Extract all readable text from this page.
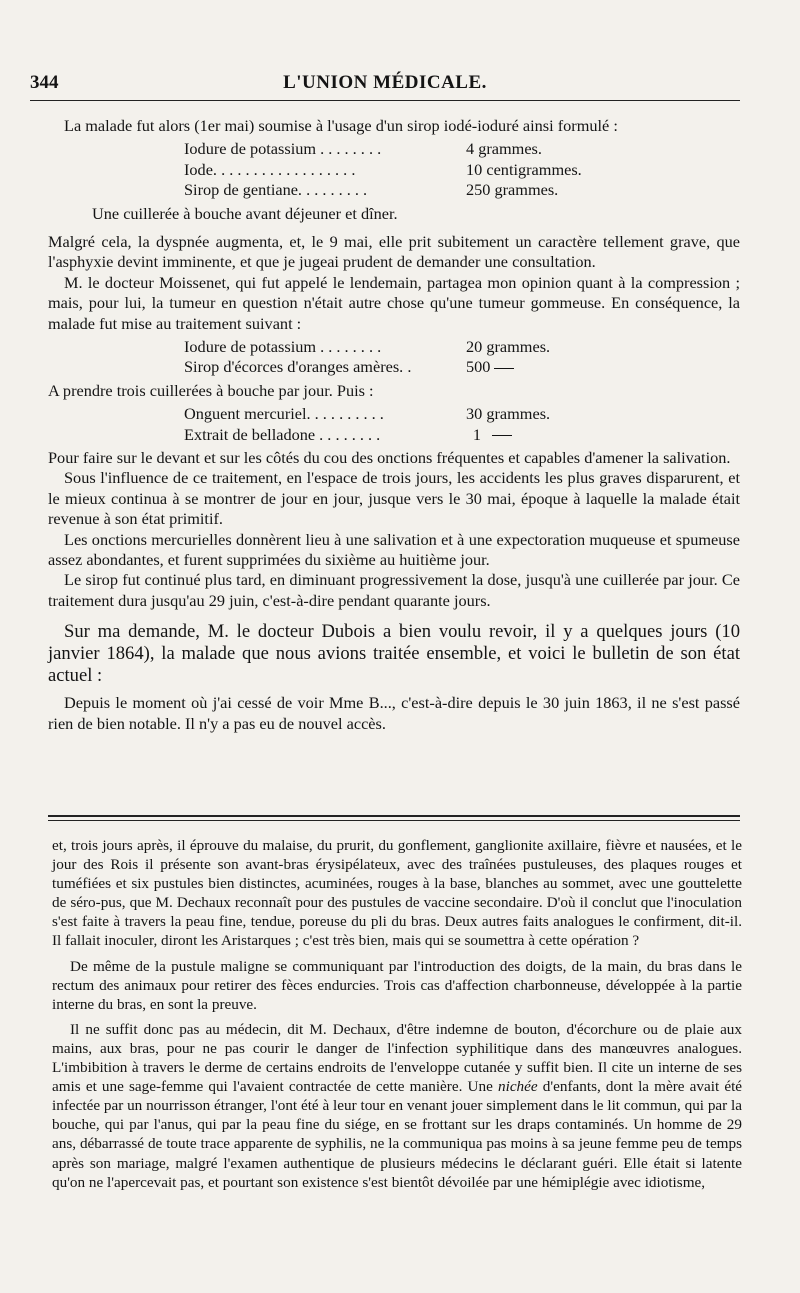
344	L'UNION MÉDICALE.

La malade fut alors (1er mai) soumise à l'usage d'un sirop iodé-ioduré ainsi formulé :

Iodure de potassium . . . . . . . .	4 grammes.
Iode. . . . . . . . . . . . . . . . . .	10 centigrammes.
Sirop de gentiane. . . . . . . . .	250 grammes.

Une cuillerée à bouche avant déjeuner et dîner.

Malgré cela, la dyspnée augmenta, et, le 9 mai, elle prit subitement un caractère tellement grave, que l'asphyxie devint imminente, et que je jugeai prudent de demander une consultation.

M. le docteur Moissenet, qui fut appelé le lendemain, partagea mon opinion quant à la compression ; mais, pour lui, la tumeur en question n'était autre chose qu'une tumeur gommeuse. En conséquence, la malade fut mise au traitement suivant :

Iodure de potassium . . . . . . . .	20 grammes.
Sirop d'écorces d'oranges amères. .	500

A prendre trois cuillerées à bouche par jour. Puis :

Onguent mercuriel. . . . . . . . . .	30 grammes.
Extrait de belladone . . . . . . . .	1

Pour faire sur le devant et sur les côtés du cou des onctions fréquentes et capables d'amener la salivation.

Sous l'influence de ce traitement, en l'espace de trois jours, les accidents les plus graves disparurent, et le mieux continua à se montrer de jour en jour, jusque vers le 30 mai, époque à laquelle la malade était revenue à son état primitif.

Les onctions mercurielles donnèrent lieu à une salivation et à une expectoration muqueuse et spumeuse assez abondantes, et furent supprimées du sixième au huitième jour.

Le sirop fut continué plus tard, en diminuant progressivement la dose, jusqu'à une cuillerée par jour. Ce traitement dura jusqu'au 29 juin, c'est-à-dire pendant quarante jours.

Sur ma demande, M. le docteur Dubois a bien voulu revoir, il y a quelques jours (10 janvier 1864), la malade que nous avions traitée ensemble, et voici le bulletin de son état actuel :

Depuis le moment où j'ai cessé de voir Mme B..., c'est-à-dire depuis le 30 juin 1863, il ne s'est passé rien de bien notable. Il n'y a pas eu de nouvel accès.

et, trois jours après, il éprouve du malaise, du prurit, du gonflement, ganglionite axillaire, fièvre et nausées, et le jour des Rois il présente son avant-bras érysipélateux, avec des traînées pustuleuses, des plaques rouges et tuméfiées et six pustules bien distinctes, acuminées, rouges à la base, blanches au sommet, avec une gouttelette de séro-pus, que M. Dechaux reconnaît pour des pustules de vaccine secondaire. D'où il conclut que l'inoculation s'est faite à travers la peau fine, tendue, poreuse du pli du bras. Deux autres faits analogues le confirment, dit-il. Il fallait inoculer, diront les Aristarques ; c'est très bien, mais qui se soumettra à cette opération ?

De même de la pustule maligne se communiquant par l'introduction des doigts, de la main, du bras dans le rectum des animaux pour retirer des fèces endurcies. Trois cas d'affection charbonneuse, développée à la partie interne du bras, en sont la preuve.

Il ne suffit donc pas au médecin, dit M. Dechaux, d'être indemne de bouton, d'écorchure ou de plaie aux mains, aux bras, pour ne pas courir le danger de l'infection syphilitique dans des manœuvres analogues. L'imbibition à travers le derme de certains endroits de l'enveloppe cutanée y suffit bien. Il cite un interne de ses amis et une sage-femme qui l'avaient contractée de cette manière. Une nichée d'enfants, dont la mère avait été infectée par un nourrisson étranger, l'ont été à leur tour en venant jouer simplement dans le lit commun, qui par la bouche, qui par l'anus, qui par la peau fine du siége, en se frottant sur les draps contaminés. Un homme de 29 ans, débarrassé de toute trace apparente de syphilis, ne la communiqua pas moins à sa jeune femme peu de temps après son mariage, malgré l'examen authentique de plusieurs médecins le déclarant guéri. Elle était si latente qu'on ne l'apercevait pas, et pourtant son existence s'est bientôt dévoilée par une hémiplégie avec idiotisme,
